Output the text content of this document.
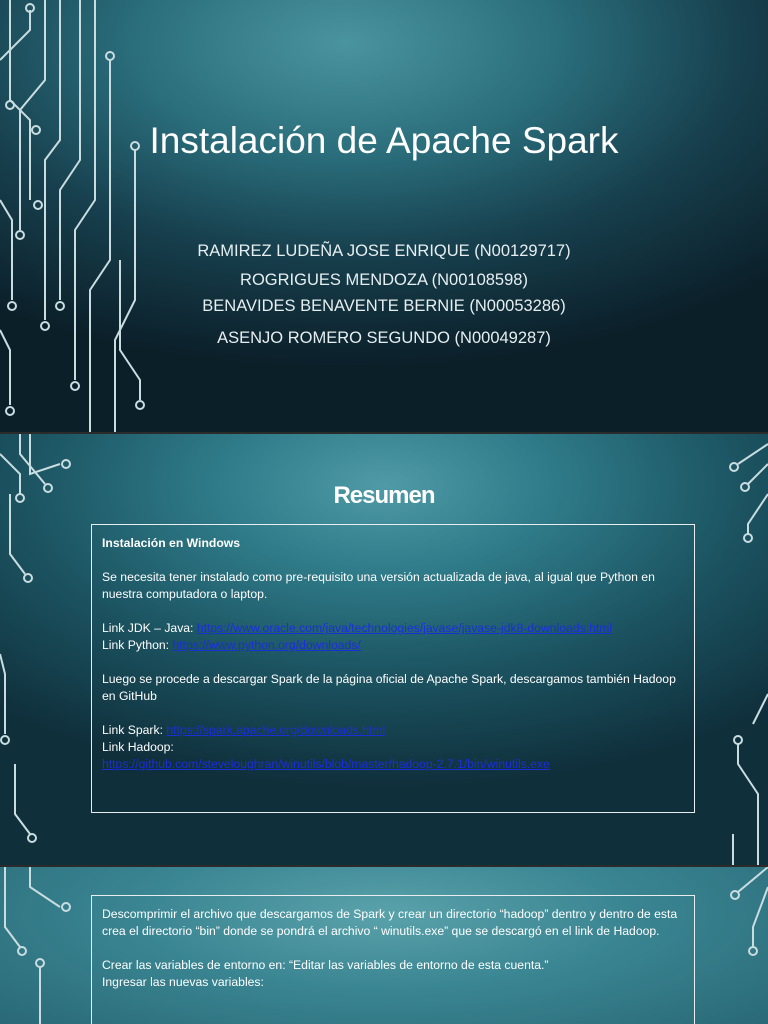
Instalación de Apache Spark
RAMIREZ LUDEÑA JOSE ENRIQUE (N00129717)
ROGRIGUES MENDOZA (N00108598)
BENAVIDES BENAVENTE BERNIE (N00053286)
ASENJO ROMERO SEGUNDO (N00049287)
Resumen

Instalación en Windows

Se necesita tener instalado como pre-requisito una versión actualizada de java, al igual que Python en nuestra computadora o laptop.

Link JDK – Java: https://www.oracle.com/java/technologies/javase/javase-jdk8-downloads.html
Link Python: https://www.python.org/downloads/

Luego se procede a descargar Spark de la página oficial de Apache Spark, descargamos también Hadoop en GitHub

Link Spark: https://spark.apache.org/downloads.html
Link Hadoop:
https://github.com/steveloughran/winutils/blob/master/hadoop-2.7.1/bin/winutils.exe

Descomprimir el archivo que descargamos de Spark y crear un directorio “hadoop” dentro y dentro de esta crea el directorio “bin” donde se pondrá el archivo “ winutils.exe” que se descargó en el link de Hadoop.

Crear las variables de entorno en: “Editar las variables de entorno de esta cuenta.”
Ingresar las nuevas variables:
